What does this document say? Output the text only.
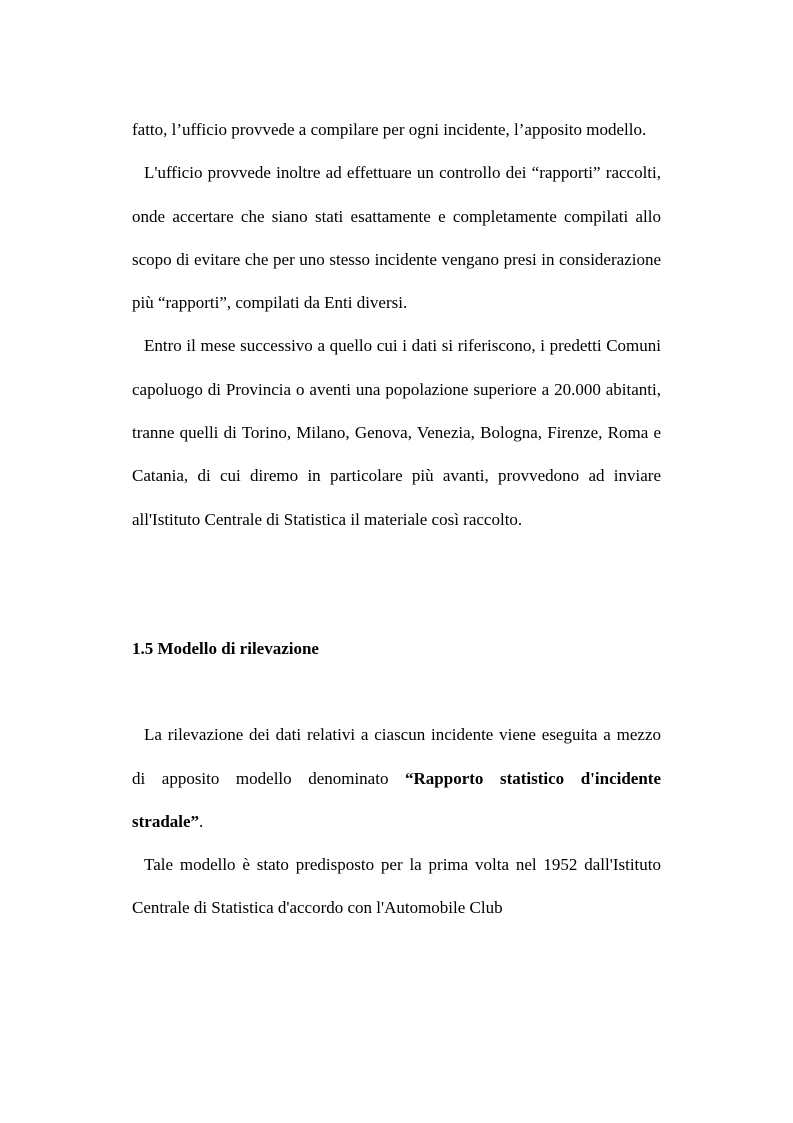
fatto, l’ufficio provvede a compilare per ogni incidente, l’apposito modello.

L'ufficio provvede inoltre ad effettuare un controllo dei “rapporti” raccolti, onde accertare che siano stati esattamente e completamente compilati allo scopo di evitare che per uno stesso incidente vengano presi in considerazione più “rapporti”, compilati da Enti diversi.

Entro il mese successivo a quello cui i dati si riferiscono, i predetti Comuni capoluogo di Provincia o aventi una popolazione superiore a 20.000 abitanti, tranne quelli di Torino, Milano, Genova, Venezia, Bologna, Firenze, Roma e Catania, di cui diremo in particolare più avanti, provvedono ad inviare all'Istituto Centrale di Statistica il materiale così raccolto.

1.5 Modello di rilevazione

La rilevazione dei dati relativi a ciascun incidente viene eseguita a mezzo di apposito modello denominato “Rapporto statistico d'incidente stradale”.

Tale modello è stato predisposto per la prima volta nel 1952 dall'Istituto Centrale di Statistica d'accordo con l'Automobile Club
